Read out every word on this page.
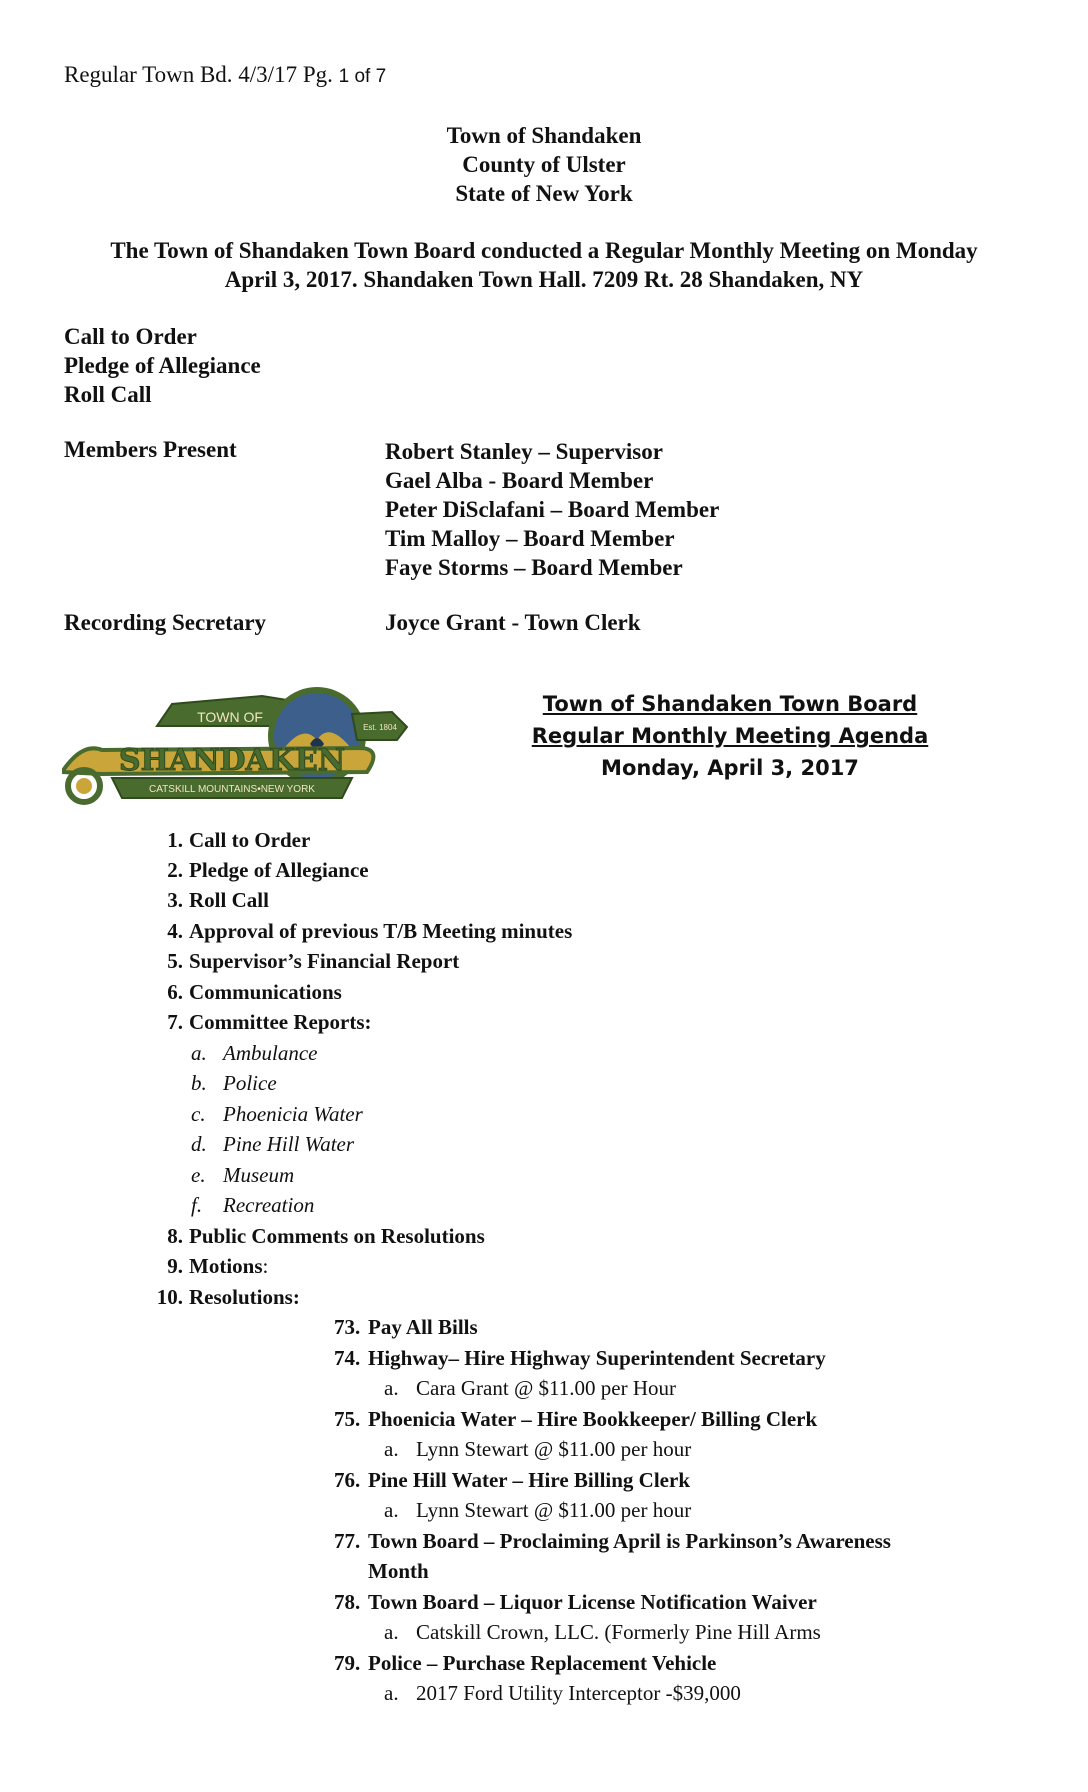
Regular Town Bd. 4/3/17 Pg. 1 of 7
Town of Shandaken
County of Ulster
State of New York
The Town of Shandaken Town Board conducted a Regular Monthly Meeting on Monday
April 3, 2017. Shandaken Town Hall. 7209 Rt. 28 Shandaken, NY
Call to Order
Pledge of Allegiance
Roll Call
Members Present	Robert Stanley – Supervisor
Gael Alba - Board Member
Peter DiSclafani – Board Member
Tim Malloy – Board Member
Faye Storms – Board Member
Recording Secretary	Joyce Grant - Town Clerk
TOWN OF
Est. 1804
SHANDAKEN
CATSKILL MOUNTAINS•NEW YORK
Town of Shandaken Town Board
Regular Monthly Meeting Agenda
Monday, April 3, 2017
1. Call to Order
2. Pledge of Allegiance
3. Roll Call
4. Approval of previous T/B Meeting minutes
5. Supervisor’s Financial Report
6. Communications
7. Committee Reports:
a. Ambulance
b. Police
c. Phoenicia Water
d. Pine Hill Water
e. Museum
f. Recreation
8. Public Comments on Resolutions
9. Motions:
10. Resolutions:
73. Pay All Bills
74. Highway– Hire Highway Superintendent Secretary
a. Cara Grant @ $11.00 per Hour
75. Phoenicia Water – Hire Bookkeeper/ Billing Clerk
a. Lynn Stewart @ $11.00 per hour
76. Pine Hill Water – Hire Billing Clerk
a. Lynn Stewart @ $11.00 per hour
77. Town Board – Proclaiming April is Parkinson’s Awareness
Month
78. Town Board – Liquor License Notification Waiver
a. Catskill Crown, LLC. (Formerly Pine Hill Arms
79. Police – Purchase Replacement Vehicle
a. 2017 Ford Utility Interceptor -$39,000
